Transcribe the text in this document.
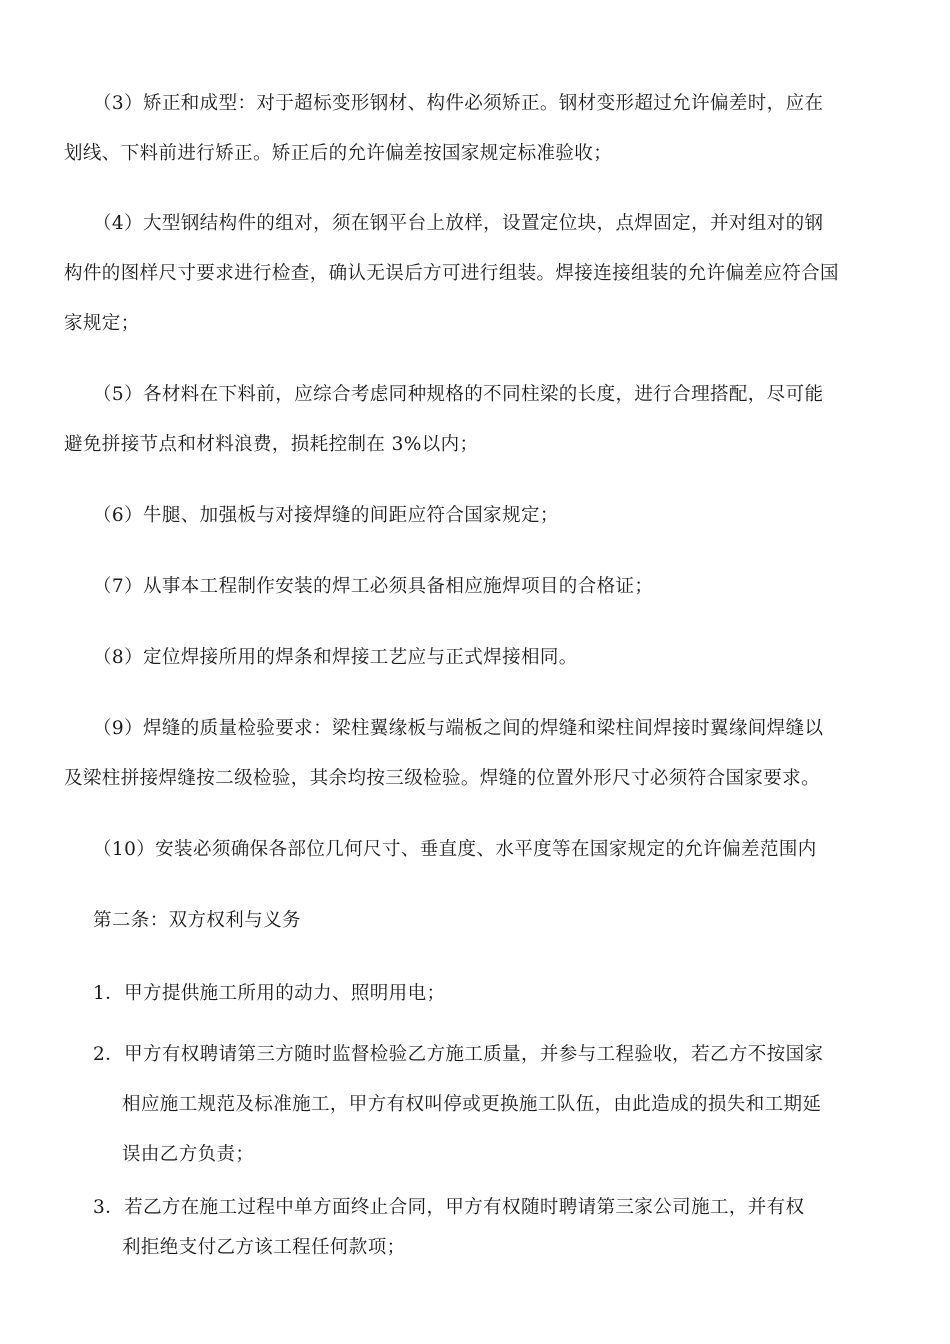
（3）矫正和成型：对于超标变形钢材、构件必须矫正。钢材变形超过允许偏差时，应在
划线、下料前进行矫正。矫正后的允许偏差按国家规定标准验收；
（4）大型钢结构件的组对，须在钢平台上放样，设置定位块，点焊固定，并对组对的钢
构件的图样尺寸要求进行检查，确认无误后方可进行组装。焊接连接组装的允许偏差应符合国
家规定；
（5）各材料在下料前，应综合考虑同种规格的不同柱梁的长度，进行合理搭配，尽可能
避免拼接节点和材料浪费，损耗控制在 3%以内；
（6）牛腿、加强板与对接焊缝的间距应符合国家规定；
（7）从事本工程制作安装的焊工必须具备相应施焊项目的合格证；
（8）定位焊接所用的焊条和焊接工艺应与正式焊接相同。
（9）焊缝的质量检验要求：梁柱翼缘板与端板之间的焊缝和梁柱间焊接时翼缘间焊缝以
及梁柱拼接焊缝按二级检验，其余均按三级检验。焊缝的位置外形尺寸必须符合国家要求。
（10）安装必须确保各部位几何尺寸、垂直度、水平度等在国家规定的允许偏差范围内
第二条：双方权利与义务
1．甲方提供施工所用的动力、照明用电；
2．甲方有权聘请第三方随时监督检验乙方施工质量，并参与工程验收，若乙方不按国家
相应施工规范及标准施工，甲方有权叫停或更换施工队伍，由此造成的损失和工期延
误由乙方负责；
3．若乙方在施工过程中单方面终止合同，甲方有权随时聘请第三家公司施工，并有权
利拒绝支付乙方该工程任何款项；
